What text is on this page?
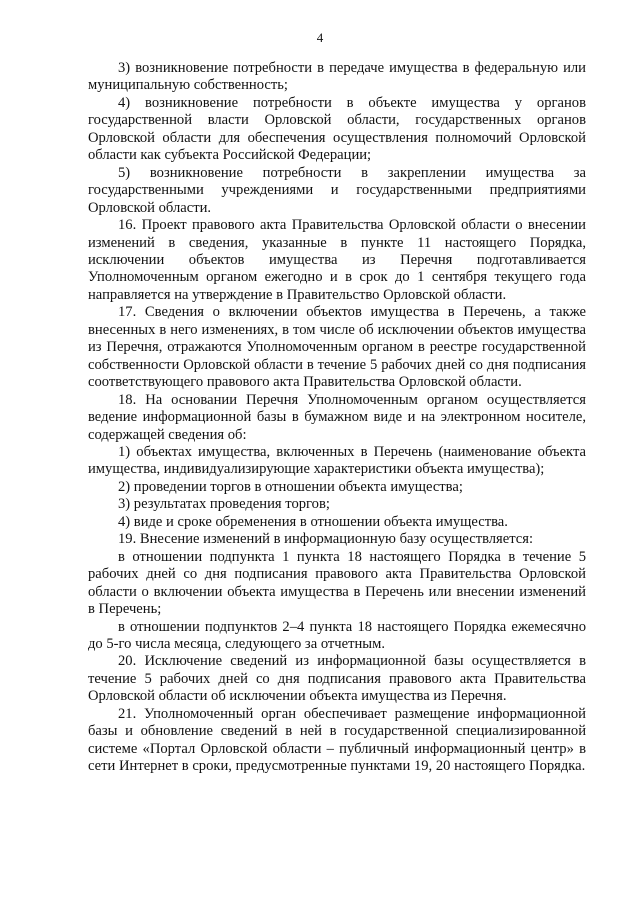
4

3) возникновение потребности в передаче имущества в федеральную или муниципальную собственность;

4) возникновение потребности в объекте имущества у органов государственной власти Орловской области, государственных органов Орловской области для обеспечения осуществления полномочий Орловской области как субъекта Российской Федерации;

5) возникновение потребности в закреплении имущества за государственными учреждениями и государственными предприятиями Орловской области.

16. Проект правового акта Правительства Орловской области о внесении изменений в сведения, указанные в пункте 11 настоящего Порядка, исключении объектов имущества из Перечня подготавливается Уполномоченным органом ежегодно и в срок до 1 сентября текущего года направляется на утверждение в Правительство Орловской области.

17. Сведения о включении объектов имущества в Перечень, а также внесенных в него изменениях, в том числе об исключении объектов имущества из Перечня, отражаются Уполномоченным органом в реестре государственной собственности Орловской области в течение 5 рабочих дней со дня подписания соответствующего правового акта Правительства Орловской области.

18. На основании Перечня Уполномоченным органом осуществляется ведение информационной базы в бумажном виде и на электронном носителе, содержащей сведения об:

1) объектах имущества, включенных в Перечень (наименование объекта имущества, индивидуализирующие характеристики объекта имущества);

2) проведении торгов в отношении объекта имущества;

3) результатах проведения торгов;

4) виде и сроке обременения в отношении объекта имущества.

19. Внесение изменений в информационную базу осуществляется:

в отношении подпункта 1 пункта 18 настоящего Порядка в течение 5 рабочих дней со дня подписания правового акта Правительства Орловской области о включении объекта имущества в Перечень или внесении изменений в Перечень;

в отношении подпунктов 2–4 пункта 18 настоящего Порядка ежемесячно до 5-го числа месяца, следующего за отчетным.

20. Исключение сведений из информационной базы осуществляется в течение 5 рабочих дней со дня подписания правового акта Правительства Орловской области об исключении объекта имущества из Перечня.

21. Уполномоченный орган обеспечивает размещение информационной базы и обновление сведений в ней в государственной специализированной системе «Портал Орловской области – публичный информационный центр» в сети Интернет в сроки, предусмотренные пунктами 19, 20 настоящего Порядка.
